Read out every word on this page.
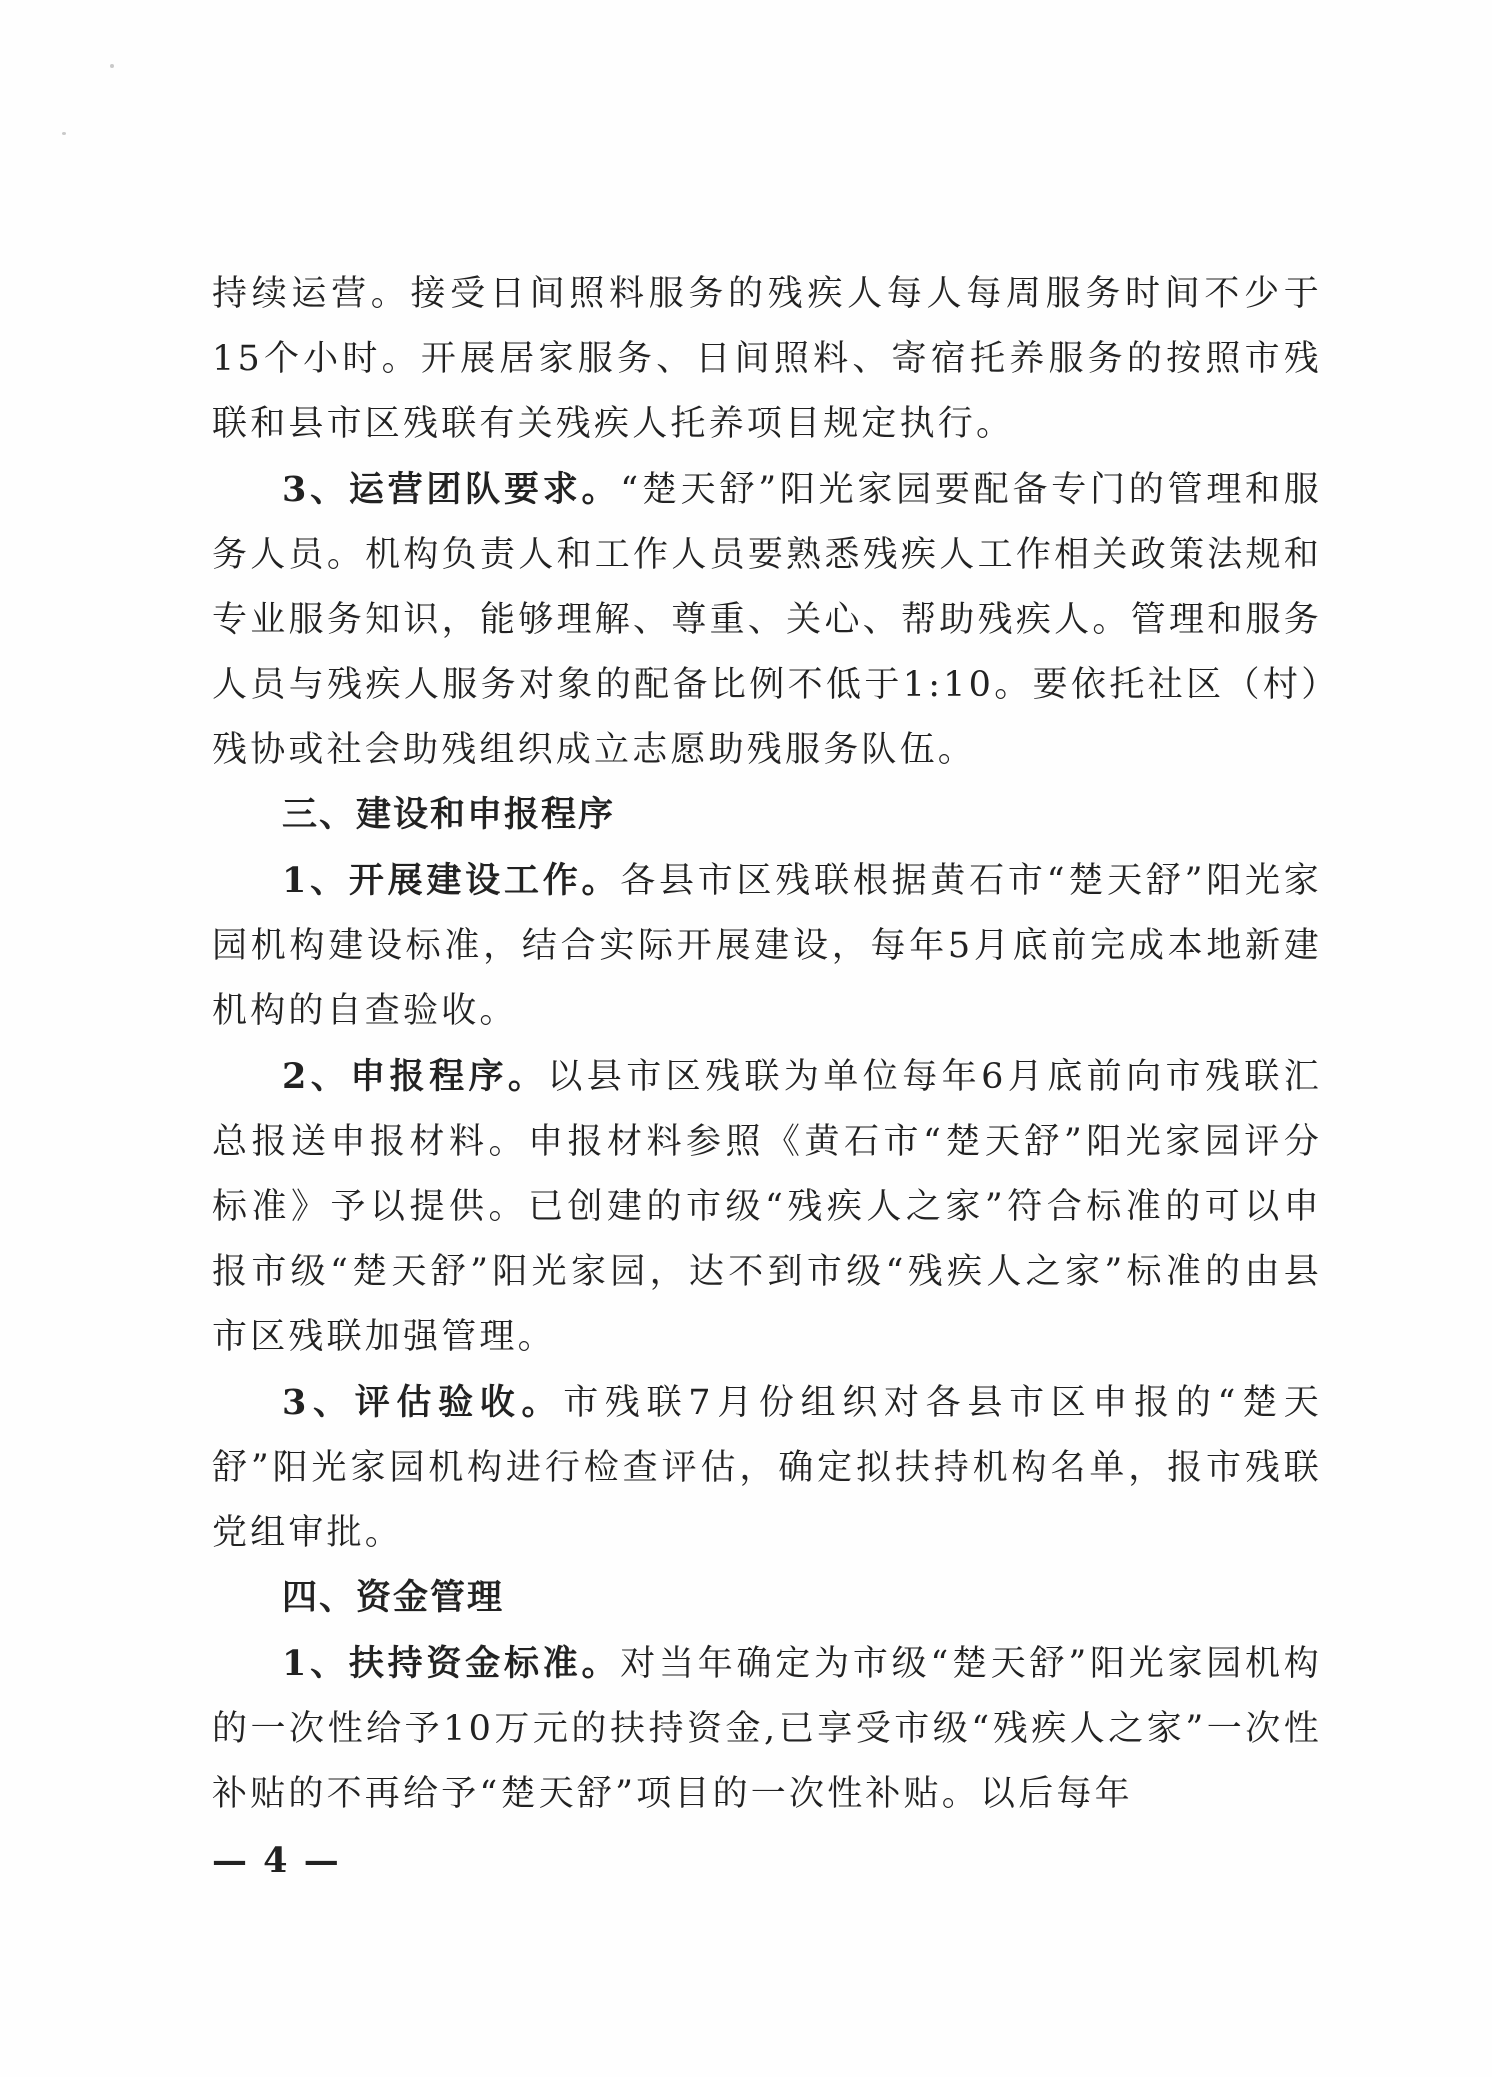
持续运营。接受日间照料服务的残疾人每人每周服务时间不少于15个小时。开展居家服务、日间照料、寄宿托养服务的按照市残联和县市区残联有关残疾人托养项目规定执行。

3、运营团队要求。“楚天舒”阳光家园要配备专门的管理和服务人员。机构负责人和工作人员要熟悉残疾人工作相关政策法规和专业服务知识，能够理解、尊重、关心、帮助残疾人。管理和服务人员与残疾人服务对象的配备比例不低于1:10。要依托社区（村）残协或社会助残组织成立志愿助残服务队伍。

三、建设和申报程序

1、开展建设工作。各县市区残联根据黄石市“楚天舒”阳光家园机构建设标准，结合实际开展建设，每年5月底前完成本地新建机构的自查验收。

2、申报程序。以县市区残联为单位每年6月底前向市残联汇总报送申报材料。申报材料参照《黄石市“楚天舒”阳光家园评分标准》予以提供。已创建的市级“残疾人之家”符合标准的可以申报市级“楚天舒”阳光家园，达不到市级“残疾人之家”标准的由县市区残联加强管理。

3、评估验收。市残联7月份组织对各县市区申报的“楚天舒”阳光家园机构进行检查评估，确定拟扶持机构名单，报市残联党组审批。

四、资金管理

1、扶持资金标准。对当年确定为市级“楚天舒”阳光家园机构的一次性给予10万元的扶持资金,已享受市级“残疾人之家”一次性补贴的不再给予“楚天舒”项目的一次性补贴。以后每年

— 4 —
